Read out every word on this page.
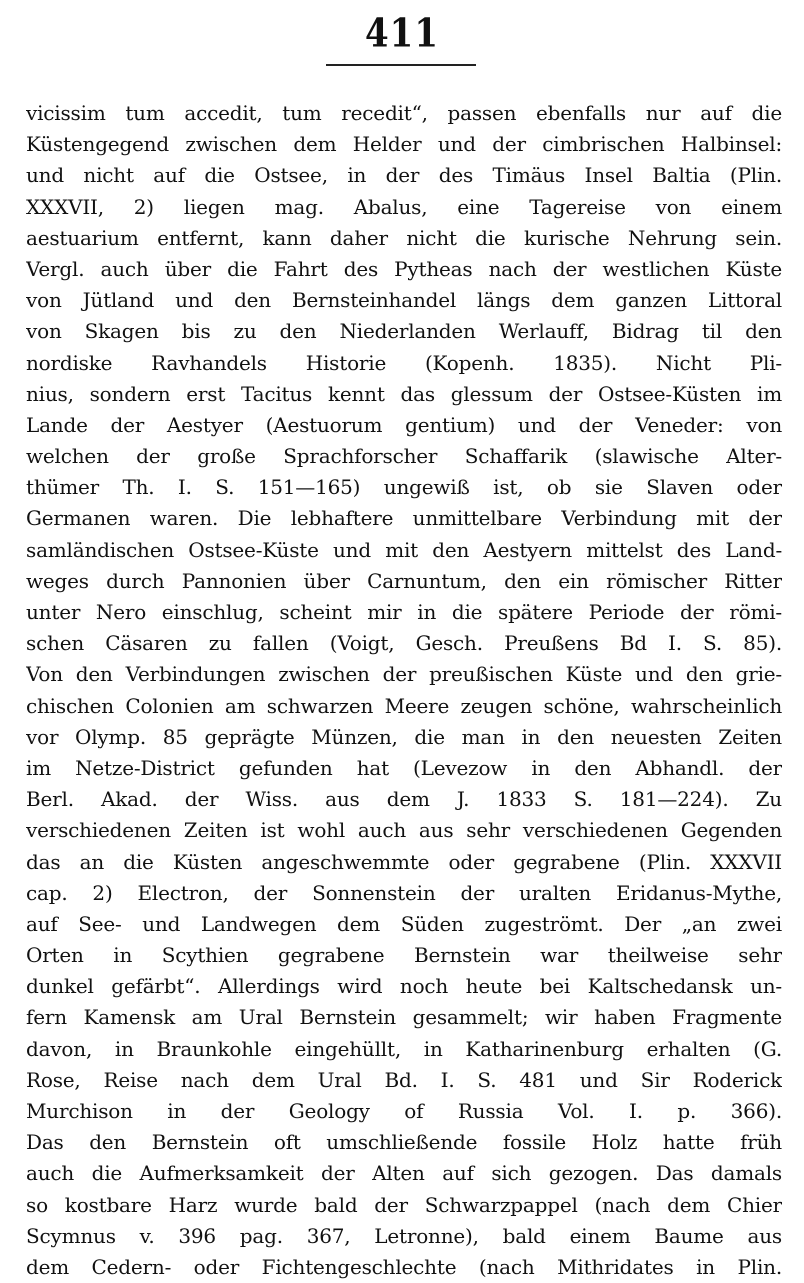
411
vicissim tum accedit, tum recedit“, passen ebenfalls nur auf die
Küstengegend zwischen dem Helder und der cimbrischen Halbinsel:
und nicht auf die Ostsee, in der des Timäus Insel Baltia (Plin.
XXXVII, 2) liegen mag. Abalus, eine Tagereise von einem
aestuarium entfernt, kann daher nicht die kurische Nehrung sein.
Vergl. auch über die Fahrt des Pytheas nach der westlichen Küste
von Jütland und den Bernsteinhandel längs dem ganzen Littoral
von Skagen bis zu den Niederlanden Werlauff, Bidrag til den
nordiske Ravhandels Historie (Kopenh. 1835). Nicht Pli-
nius, sondern erst Tacitus kennt das glessum der Ostsee-Küsten im
Lande der Aestyer (Aestuorum gentium) und der Veneder: von
welchen der große Sprachforscher Schaffarik (slawische Alter-
thümer Th. I. S. 151—165) ungewiß ist, ob sie Slaven oder
Germanen waren. Die lebhaftere unmittelbare Verbindung mit der
samländischen Ostsee-Küste und mit den Aestyern mittelst des Land-
weges durch Pannonien über Carnuntum, den ein römischer Ritter
unter Nero einschlug, scheint mir in die spätere Periode der römi-
schen Cäsaren zu fallen (Voigt, Gesch. Preußens Bd I. S. 85).
Von den Verbindungen zwischen der preußischen Küste und den grie-
chischen Colonien am schwarzen Meere zeugen schöne, wahrscheinlich
vor Olymp. 85 geprägte Münzen, die man in den neuesten Zeiten
im Netze-District gefunden hat (Levezow in den Abhandl. der
Berl. Akad. der Wiss. aus dem J. 1833 S. 181—224). Zu
verschiedenen Zeiten ist wohl auch aus sehr verschiedenen Gegenden
das an die Küsten angeschwemmte oder gegrabene (Plin. XXXVII
cap. 2) Electron, der Sonnenstein der uralten Eridanus-Mythe,
auf See- und Landwegen dem Süden zugeströmt. Der „an zwei
Orten in Scythien gegrabene Bernstein war theilweise sehr
dunkel gefärbt“. Allerdings wird noch heute bei Kaltschedansk un-
fern Kamensk am Ural Bernstein gesammelt; wir haben Fragmente
davon, in Braunkohle eingehüllt, in Katharinenburg erhalten (G.
Rose, Reise nach dem Ural Bd. I. S. 481 und Sir Roderick
Murchison in der Geology of Russia Vol. I. p. 366).
Das den Bernstein oft umschließende fossile Holz hatte früh
auch die Aufmerksamkeit der Alten auf sich gezogen. Das damals
so kostbare Harz wurde bald der Schwarzpappel (nach dem Chier
Scymnus v. 396 pag. 367, Letronne), bald einem Baume aus
dem Cedern- oder Fichtengeschlechte (nach Mithridates in Plin.
